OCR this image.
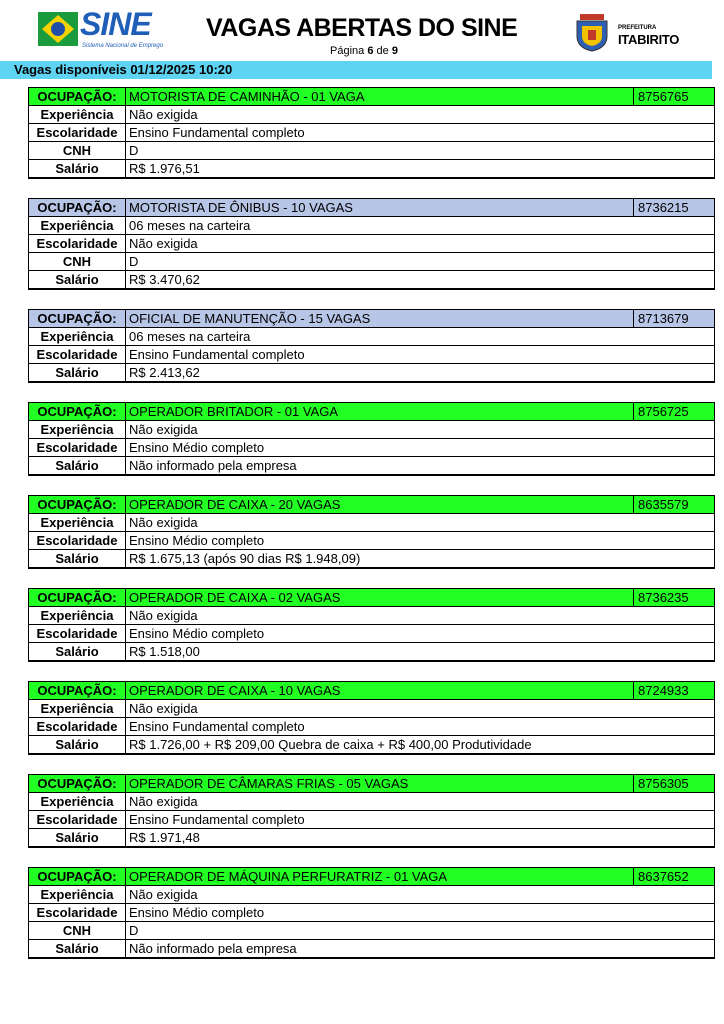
SINE
Sistema Nacional de Emprego
VAGAS ABERTAS DO SINE
Página 6 de 9
PREFEITURA
ITABIRITO
Vagas disponíveis 01/12/2025 10:20
OCUPAÇÃO:	MOTORISTA DE CAMINHÃO - 01 VAGA	8756765
Experiência	Não exigida	
Escolaridade	Ensino Fundamental completo	
CNH	D	
Salário	R$ 1.976,51	
OCUPAÇÃO:	MOTORISTA DE ÔNIBUS - 10 VAGAS	8736215
Experiência	06 meses na carteira	
Escolaridade	Não exigida	
CNH	D	
Salário	R$ 3.470,62	
OCUPAÇÃO:	OFICIAL DE MANUTENÇÃO - 15 VAGAS	8713679
Experiência	06 meses na carteira	
Escolaridade	Ensino Fundamental completo	
Salário	R$ 2.413,62	
OCUPAÇÃO:	OPERADOR BRITADOR - 01 VAGA	8756725
Experiência	Não exigida	
Escolaridade	Ensino Médio completo	
Salário	Não informado pela empresa	
OCUPAÇÃO:	OPERADOR DE CAIXA - 20 VAGAS	8635579
Experiência	Não exigida	
Escolaridade	Ensino Médio completo	
Salário	R$ 1.675,13 (após 90 dias R$ 1.948,09)	
OCUPAÇÃO:	OPERADOR DE CAIXA - 02 VAGAS	8736235
Experiência	Não exigida	
Escolaridade	Ensino Médio completo	
Salário	R$ 1.518,00	
OCUPAÇÃO:	OPERADOR DE CAIXA - 10 VAGAS	8724933
Experiência	Não exigida	
Escolaridade	Ensino Fundamental completo	
Salário	R$ 1.726,00 + R$ 209,00 Quebra de caixa + R$ 400,00 Produtividade	
OCUPAÇÃO:	OPERADOR DE CÂMARAS FRIAS - 05 VAGAS	8756305
Experiência	Não exigida	
Escolaridade	Ensino Fundamental completo	
Salário	R$ 1.971,48	
OCUPAÇÃO:	OPERADOR DE MÁQUINA PERFURATRIZ - 01 VAGA	8637652
Experiência	Não exigida	
Escolaridade	Ensino Médio completo	
CNH	D	
Salário	Não informado pela empresa	
